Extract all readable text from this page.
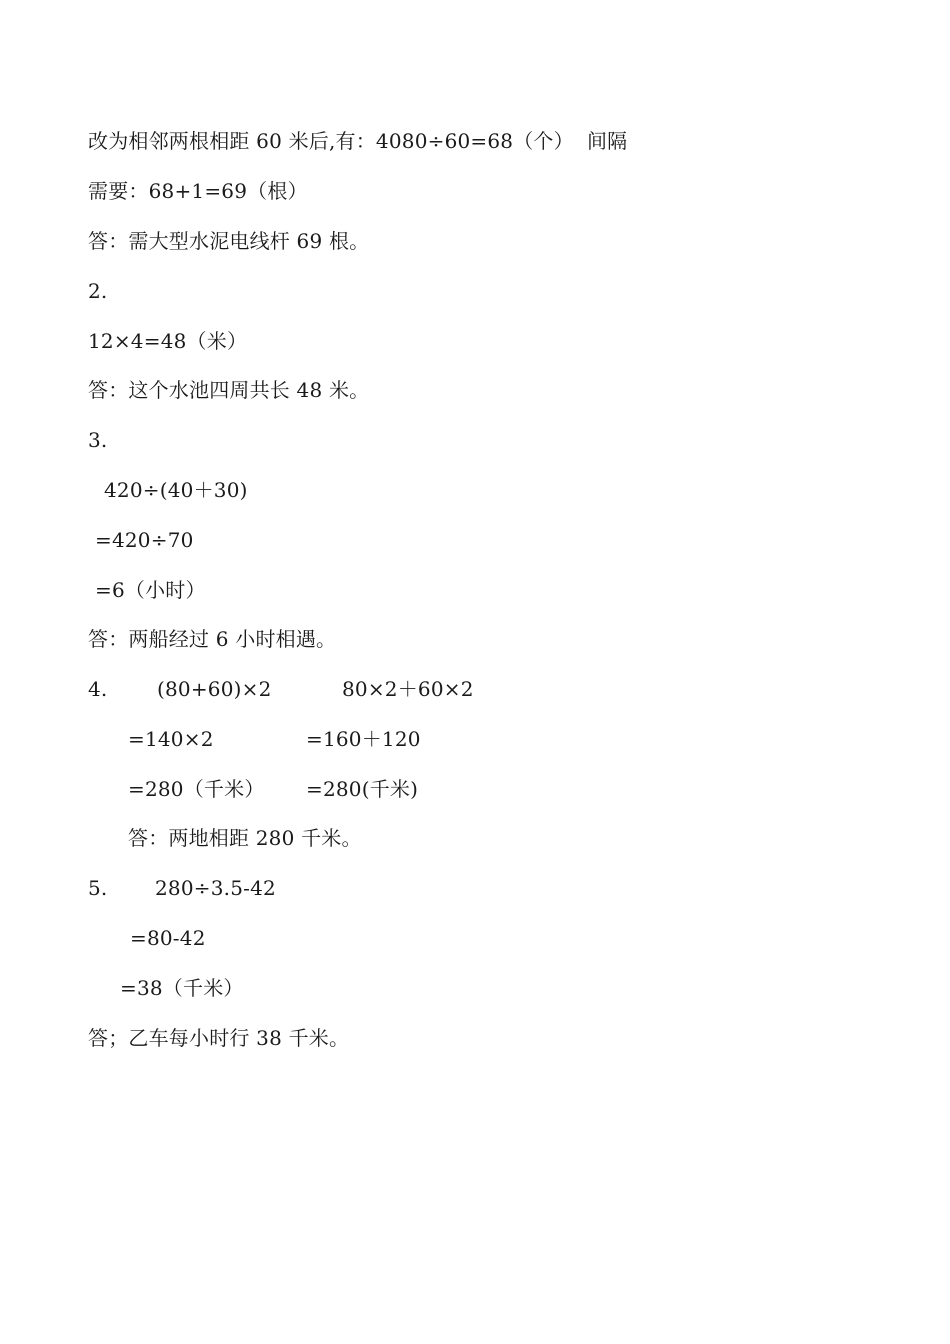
改为相邻两根相距 60 米后,有：4080÷60=68（个）  间隔
需要：68+1=69（根）
答：需大型水泥电线杆 69 根。
2.
12×4=48（米）
答：这个水池四周共长 48 米。
3.
420÷(40＋30)
=420÷70
=6（小时）
答：两船经过 6 小时相遇。
4. (80+60)×2	80×2＋60×2
=140×2	=160＋120
=280（千米） =280(千米)
答：两地相距 280 千米。
5. 280÷3.5-42
=80-42
=38（千米）
答；乙车每小时行 38 千米。
